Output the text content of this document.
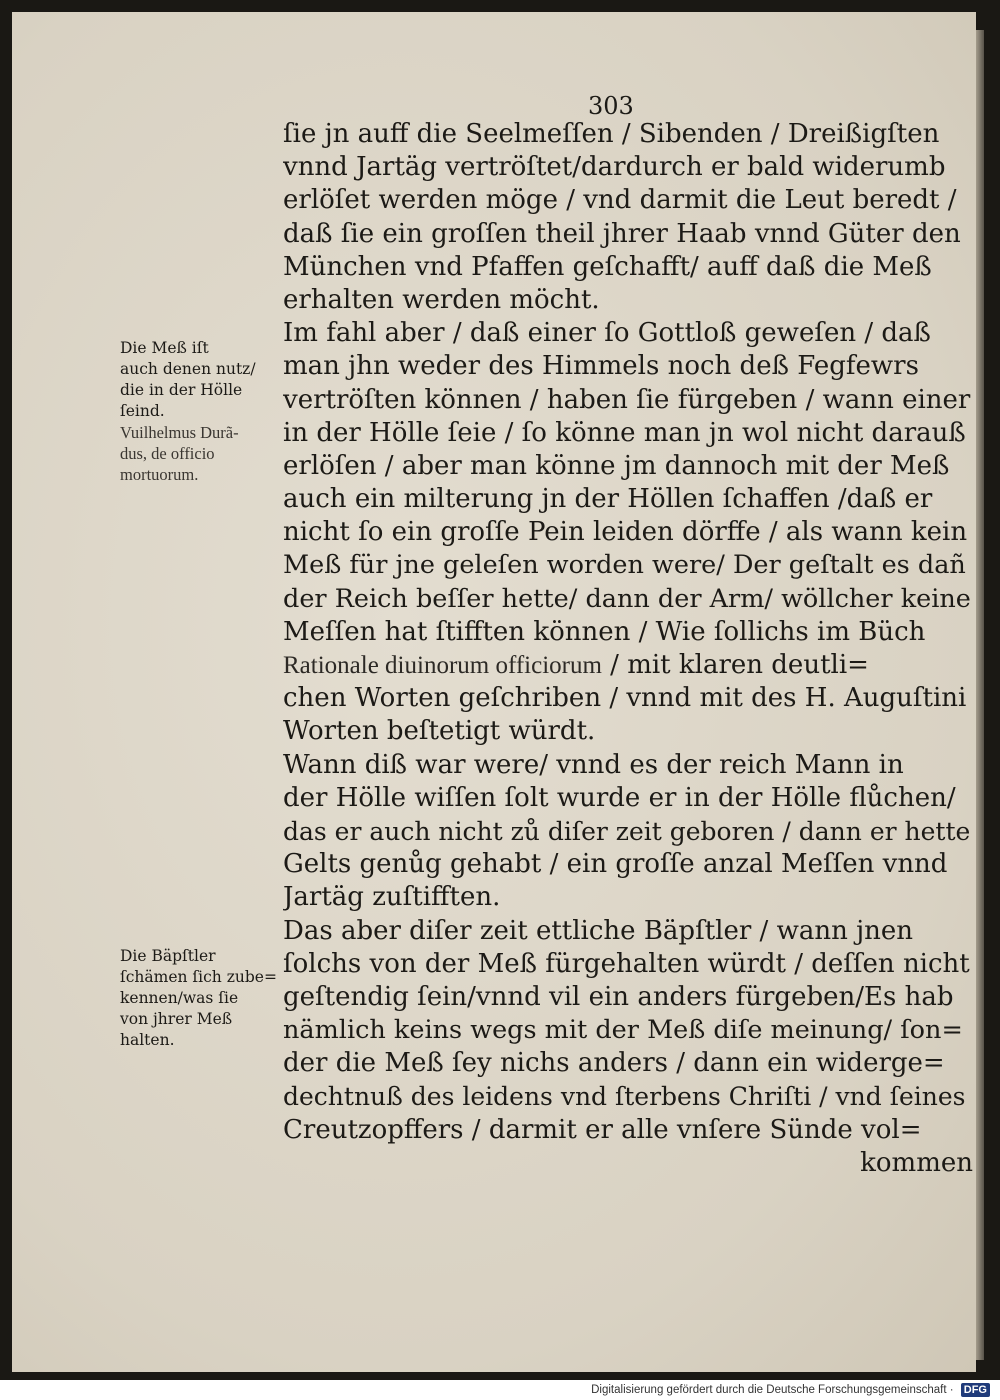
303
ſie jn auff die Seelmeſſen / Sibenden / Dreißigſten
vnnd Jartäg vertröſtet/dardurch er bald widerumb
erlöſet werden möge / vnd darmit die Leut beredt /
daß ſie ein groſſen theil jhrer Haab vnnd Güter den
München vnd Pfaffen geſchafft/ auff daß die Meß
erhalten werden möcht.
Im fahl aber / daß einer ſo Gottloß geweſen / daß
man jhn weder des Himmels noch deß Fegfewrs
vertröſten können / haben ſie fürgeben / wann einer
in der Hölle ſeie / ſo könne man jn wol nicht darauß
erlöſen / aber man könne jm dannoch mit der Meß
auch ein milterung jn der Höllen ſchaffen /daß er
nicht ſo ein groſſe Pein leiden dörffe / als wann kein
Meß für jne geleſen worden were/ Der geſtalt es dañ
der Reich beſſer hette/ dann der Arm/ wöllcher keine
Meſſen hat ſtifften können / Wie ſollichs im Büch
Rationale diuinorum officiorum / mit klaren deutli=
chen Worten geſchriben / vnnd mit des H. Auguſtini
Worten beſtetigt würdt.
Wann diß war were/ vnnd es der reich Mann in
der Hölle wiſſen ſolt wurde er in der Hölle flůchen/
das er auch nicht zů diſer zeit geboren / dann er hette
Gelts genůg gehabt / ein groſſe anzal Meſſen vnnd
Jartäg zuſtifften.
Das aber diſer zeit ettliche Bäpſtler / wann jnen
ſolchs von der Meß fürgehalten würdt / deſſen nicht
geſtendig ſein/vnnd vil ein anders fürgeben/Es hab
nämlich keins wegs mit der Meß diſe meinung/ ſon=
der die Meß ſey nichs anders / dann ein widerge=
dechtnuß des leidens vnd ſterbens Chriſti / vnd ſeines
Creutzopffers / darmit er alle vnſere Sünde vol=
kommen
Die Meß iſt
auch denen nutz/
die in der Hölle
ſeind.
Vuilhelmus Durã-
dus, de officio
mortuorum.
Die Bäpſtler
ſchämen ſich zube=
kennen/was ſie
von jhrer Meß
halten.
Digitalisierung gefördert durch die Deutsche Forschungsgemeinschaft · DFG
